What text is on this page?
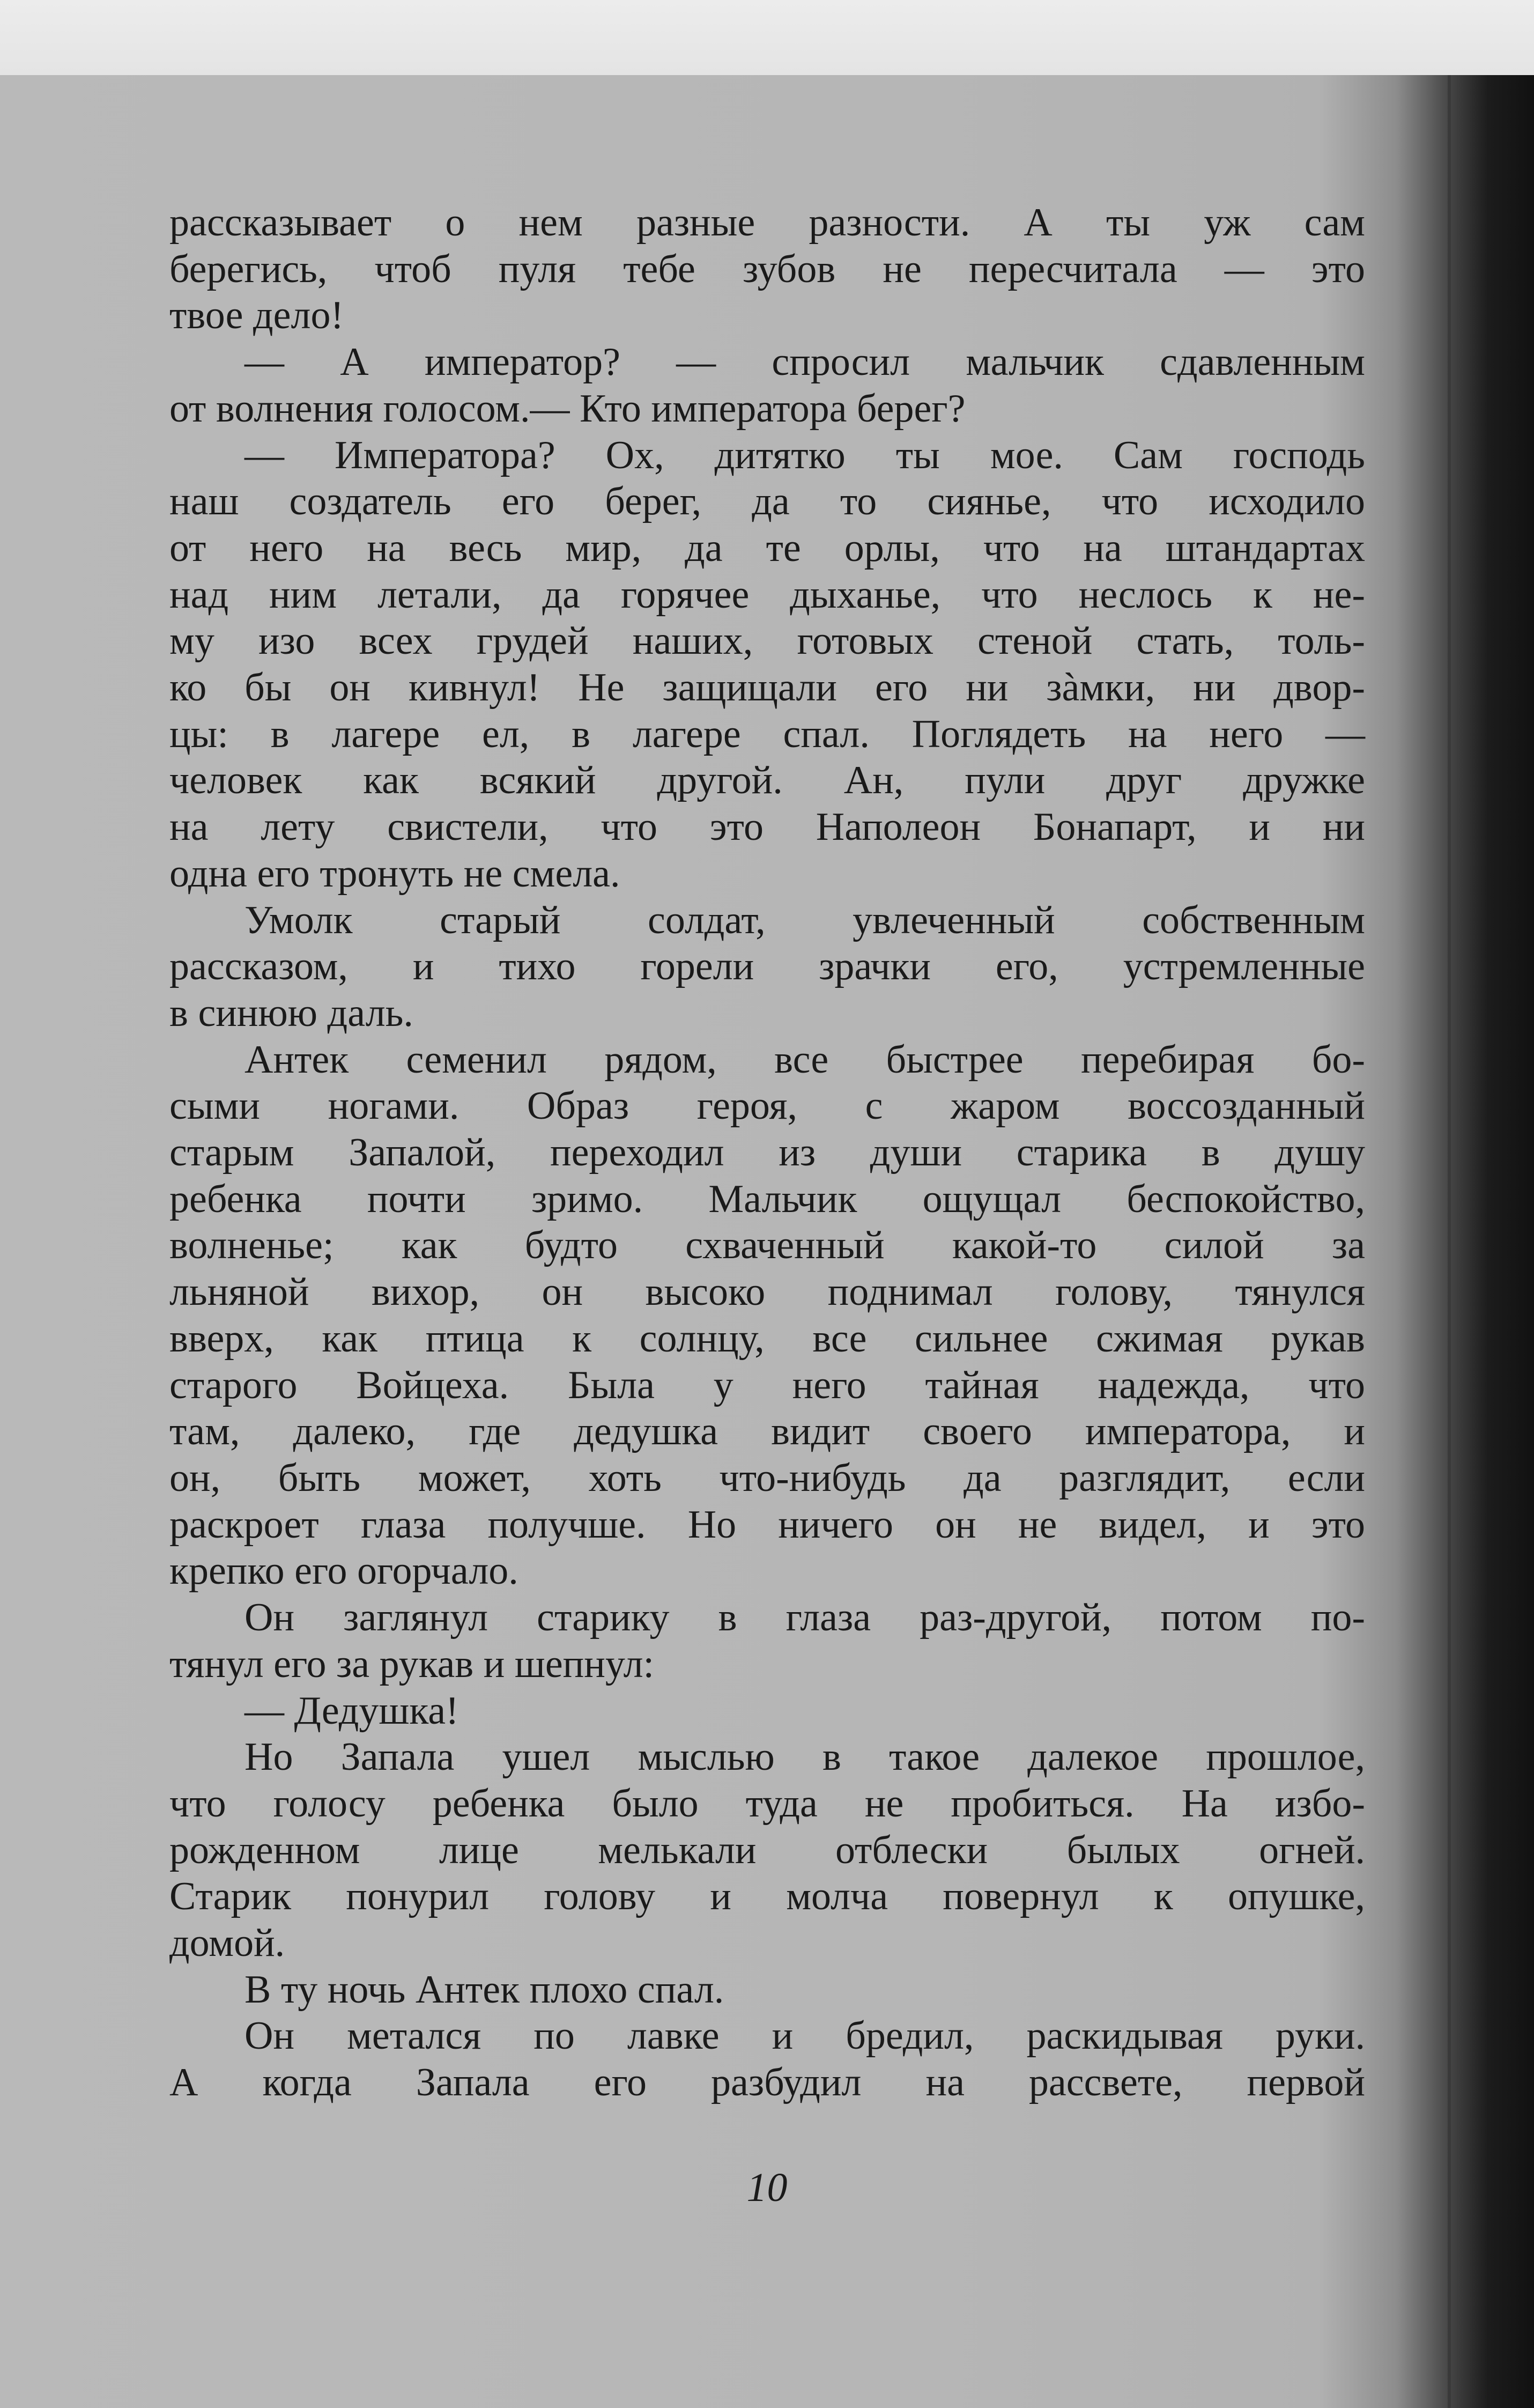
рассказывает о нем разные разности. А ты уж сам
берегись, чтоб пуля тебе зубов не пересчитала — это
твое дело!
— А император? — спросил мальчик сдавленным
от волнения голосом.— Кто императора берег?
— Императора? Ох, дитятко ты мое. Сам господь
наш создатель его берег, да то сиянье, что исходило
от него на весь мир, да те орлы, что на штандартах
над ним летали, да горячее дыханье, что неслось к не-
му изо всех грудей наших, готовых стеной стать, толь-
ко бы он кивнул! Не защищали его ни зàмки, ни двор-
цы: в лагере ел, в лагере спал. Поглядеть на него —
человек как всякий другой. Ан, пули друг дружке
на лету свистели, что это Наполеон Бонапарт, и ни
одна его тронуть не смела.
Умолк старый солдат, увлеченный собственным
рассказом, и тихо горели зрачки его, устремленные
в синюю даль.
Антек семенил рядом, все быстрее перебирая бо-
сыми ногами. Образ героя, с жаром воссозданный
старым Запалой, переходил из души старика в душу
ребенка почти зримо. Мальчик ощущал беспокойство,
волненье; как будто схваченный какой-то силой за
льняной вихор, он высоко поднимал голову, тянулся
вверх, как птица к солнцу, все сильнее сжимая рукав
старого Войцеха. Была у него тайная надежда, что
там, далеко, где дедушка видит своего императора, и
он, быть может, хоть что-нибудь да разглядит, если
раскроет глаза получше. Но ничего он не видел, и это
крепко его огорчало.
Он заглянул старику в глаза раз-другой, потом по-
тянул его за рукав и шепнул:
— Дедушка!
Но Запала ушел мыслью в такое далекое прошлое,
что голосу ребенка было туда не пробиться. На избо-
рожденном лице мелькали отблески былых огней.
Старик понурил голову и молча повернул к опушке,
домой.
В ту ночь Антек плохо спал.
Он метался по лавке и бредил, раскидывая руки.
А когда Запала его разбудил на рассвете, первой
10
